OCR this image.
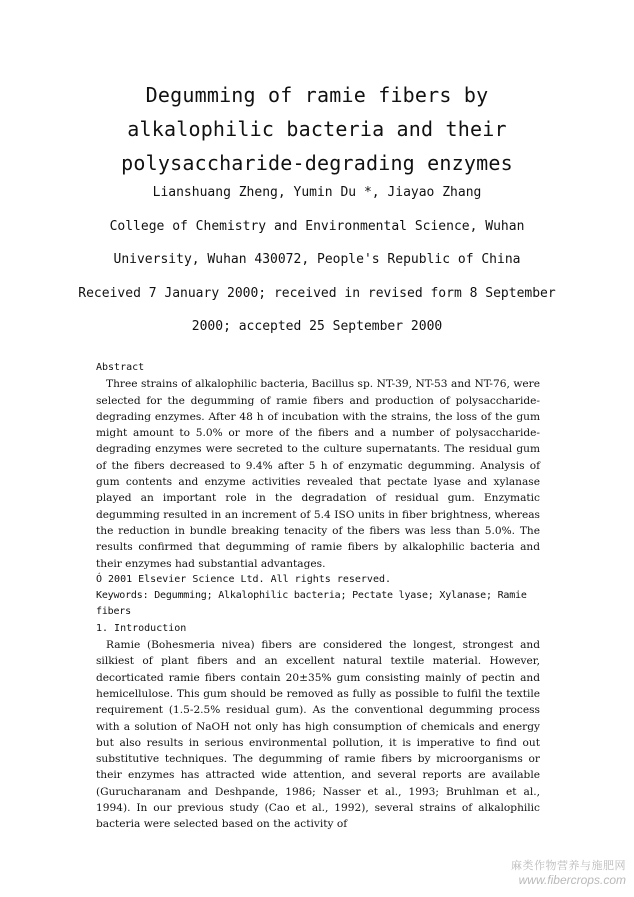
Degumming of ramie fibers by
alkalophilic bacteria and their
polysaccharide-degrading enzymes
Lianshuang Zheng, Yumin Du *, Jiayao Zhang
College of Chemistry and Environmental Science, Wuhan
University, Wuhan 430072, People's Republic of China
Received 7 January 2000; received in revised form 8 September
2000; accepted 25 September 2000

Abstract

Three strains of alkalophilic bacteria, Bacillus sp. NT-39, NT-53 and NT-76, were selected for the degumming of ramie fibers and production of polysaccharide-degrading enzymes. After 48 h of incubation with the strains, the loss of the gum might amount to 5.0% or more of the fibers and a number of polysaccharide-degrading enzymes were secreted to the culture supernatants. The residual gum of the fibers decreased to 9.4% after 5 h of enzymatic degumming. Analysis of gum contents and enzyme activities revealed that pectate lyase and xylanase played an important role in the degradation of residual gum. Enzymatic degumming resulted in an increment of 5.4 ISO units in fiber brightness, whereas the reduction in bundle breaking tenacity of the fibers was less than 5.0%. The results confirmed that degumming of ramie fibers by alkalophilic bacteria and their enzymes had substantial advantages.

Ó 2001 Elsevier Science Ltd. All rights reserved.

Keywords: Degumming; Alkalophilic bacteria; Pectate lyase; Xylanase; Ramie fibers

1. Introduction

Ramie (Bohesmeria nivea) fibers are considered the longest, strongest and silkiest of plant fibers and an excellent natural textile material. However, decorticated ramie fibers contain 20±35% gum consisting mainly of pectin and hemicellulose. This gum should be removed as fully as possible to fulfil the textile requirement (1.5-2.5% residual gum). As the conventional degumming process with a solution of NaOH not only has high consumption of chemicals and energy but also results in serious environmental pollution, it is imperative to find out substitutive techniques. The degumming of ramie fibers by microorganisms or their enzymes has attracted wide attention, and several reports are available (Gurucharanam and Deshpande, 1986; Nasser et al., 1993; Bruhlman et al., 1994). In our previous study (Cao et al., 1992), several strains of alkalophilic bacteria were selected based on the activity of

麻类作物营养与施肥网
www.fibercrops.com
